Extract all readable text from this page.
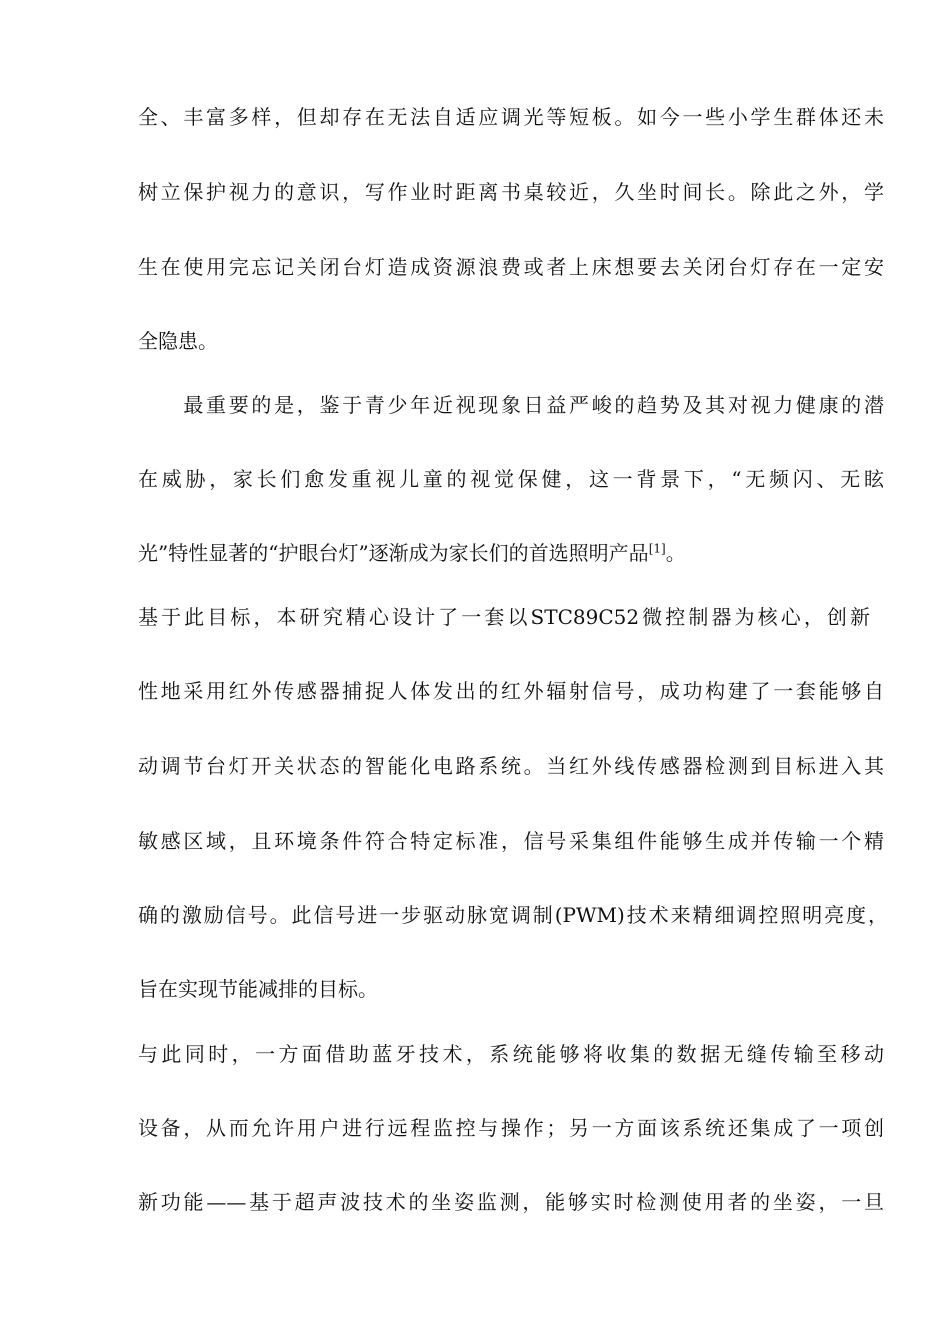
全、丰富多样，但却存在无法自适应调光等短板。如今一些小学生群体还未
树立保护视力的意识，写作业时距离书桌较近，久坐时间长。除此之外，学
生在使用完忘记关闭台灯造成资源浪费或者上床想要去关闭台灯存在一定安
全隐患。
　　最重要的是，鉴于青少年近视现象日益严峻的趋势及其对视力健康的潜
在威胁，家长们愈发重视儿童的视觉保健，这一背景下，“无频闪、无眩
光”特性显著的“护眼台灯”逐渐成为家长们的首选照明产品[1]。
基于此目标，本研究精心设计了一套以STC89C52微控制器为核心，创新
性地采用红外传感器捕捉人体发出的红外辐射信号，成功构建了一套能够自
动调节台灯开关状态的智能化电路系统。当红外线传感器检测到目标进入其
敏感区域，且环境条件符合特定标准，信号采集组件能够生成并传输一个精
确的激励信号。此信号进一步驱动脉宽调制(PWM)技术来精细调控照明亮度，
旨在实现节能减排的目标。
与此同时，一方面借助蓝牙技术，系统能够将收集的数据无缝传输至移动
设备，从而允许用户进行远程监控与操作；另一方面该系统还集成了一项创
新功能——基于超声波技术的坐姿监测，能够实时检测使用者的坐姿，一旦
